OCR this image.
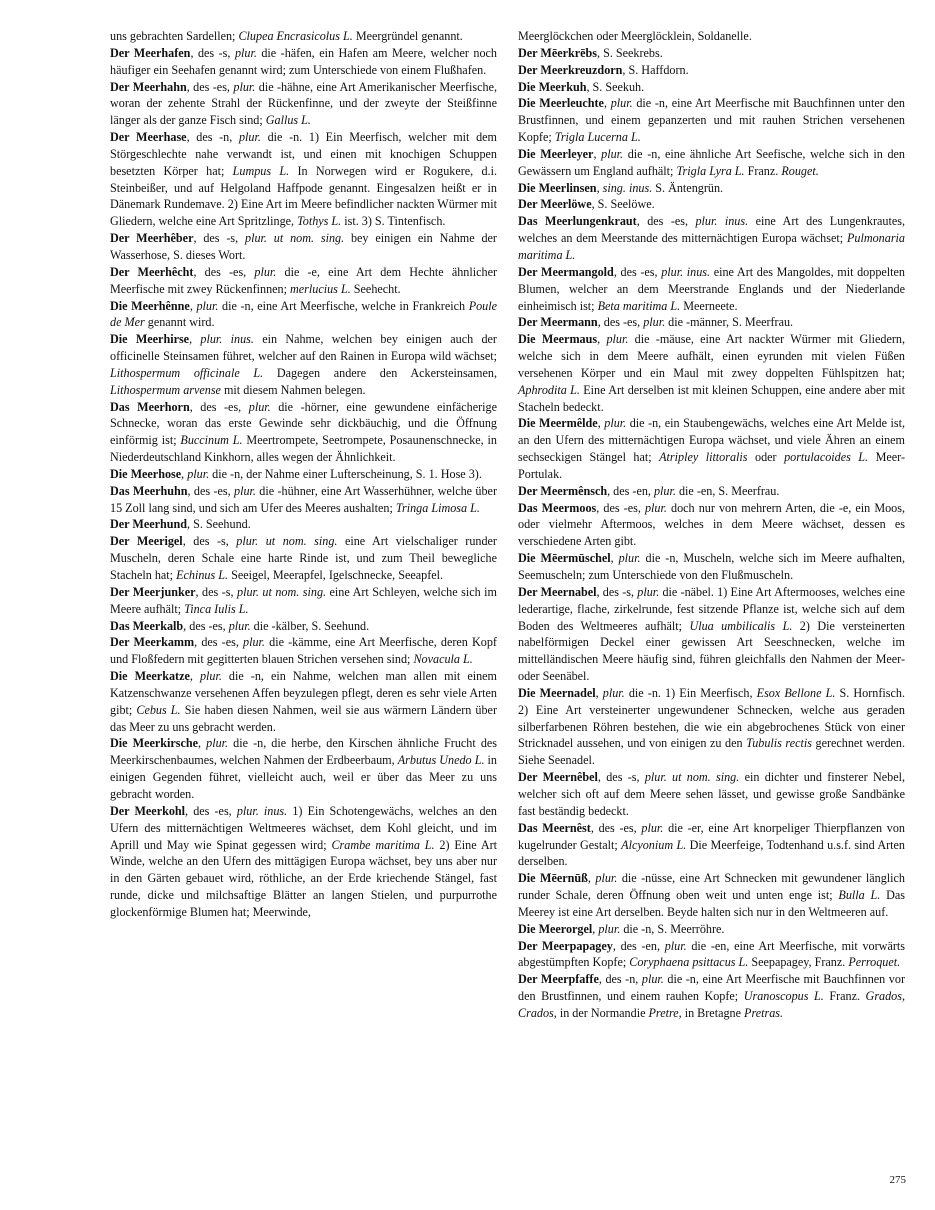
uns gebrachten Sardellen; Clupea Encrasicolus L. Meergründel genannt.

Der Meerhafen, des -s, plur. die -häfen, ein Hafen am Meere, welcher noch häufiger ein Seehafen genannt wird; zum Unterschiede von einem Flußhafen.

Der Meerhahn, des -es, plur. die -hähne, eine Art Amerikanischer Meerfische, woran der zehente Strahl der Rückenfinne, und der zweyte der Steißfinne länger als der ganze Fisch sind; Gallus L.

Der Meerhase, des -n, plur. die -n. 1) Ein Meerfisch, welcher mit dem Störgeschlechte nahe verwandt ist, und einen mit knochigen Schuppen besetzten Körper hat; Lumpus L. In Norwegen wird er Rogukere, d.i. Steinbeißer, und auf Helgoland Haffpode genannt. Eingesalzen heißt er in Dänemark Rundemave. 2) Eine Art im Meere befindlicher nackten Würmer mit Gliedern, welche eine Art Spritzlinge, Tothys L. ist. 3) S. Tintenfisch.

Der Meerhêber, des -s, plur. ut nom. sing. bey einigen ein Nahme der Wasserhose, S. dieses Wort.

Der Meerhêcht, des -es, plur. die -e, eine Art dem Hechte ähnlicher Meerfische mit zwey Rückenfinnen; merlucius L. Seehecht.

Die Meerhênne, plur. die -n, eine Art Meerfische, welche in Frankreich Poule de Mer genannt wird.

Die Meerhirse, plur. inus. ein Nahme, welchen bey einigen auch der officinelle Steinsamen führet, welcher auf den Rainen in Europa wild wächset; Lithospermum officinale L. Dagegen andere den Ackersteinsamen, Lithospermum arvense mit diesem Nahmen belegen.

Das Meerhorn, des -es, plur. die -hörner, eine gewundene einfächerige Schnecke, woran das erste Gewinde sehr dickbäuchig, und die Öffnung einförmig ist; Buccinum L. Meertrompete, Seetrompete, Posaunenschnecke, in Niederdeutschland Kinkhorn, alles wegen der Ähnlichkeit.

Die Meerhose, plur. die -n, der Nahme einer Lufterscheinung, S. 1. Hose 3).

Das Meerhuhn, des -es, plur. die -hühner, eine Art Wasserhühner, welche über 15 Zoll lang sind, und sich am Ufer des Meeres aushalten; Tringa Limosa L.

Der Meerhund, S. Seehund.

Der Meerigel, des -s, plur. ut nom. sing. eine Art vielschaliger runder Muscheln, deren Schale eine harte Rinde ist, und zum Theil bewegliche Stacheln hat; Echinus L. Seeigel, Meerapfel, Igelschnecke, Seeapfel.

Der Meerjunker, des -s, plur. ut nom. sing. eine Art Schleyen, welche sich im Meere aufhält; Tinca Iulis L.

Das Meerkalb, des -es, plur. die -kälber, S. Seehund.

Der Meerkamm, des -es, plur. die -kämme, eine Art Meerfische, deren Kopf und Floßfedern mit gegitterten blauen Strichen versehen sind; Novacula L.

Die Meerkatze, plur. die -n, ein Nahme, welchen man allen mit einem Katzenschwanze versehenen Affen beyzulegen pflegt, deren es sehr viele Arten gibt; Cebus L. Sie haben diesen Nahmen, weil sie aus wärmern Ländern über das Meer zu uns gebracht werden.

Die Meerkirsche, plur. die -n, die herbe, den Kirschen ähnliche Frucht des Meerkirschenbaumes, welchen Nahmen der Erdbeerbaum, Arbutus Unedo L. in einigen Gegenden führet, vielleicht auch, weil er über das Meer zu uns gebracht worden.

Der Meerkohl, des -es, plur. inus. 1) Ein Schotengewächs, welches an den Ufern des mitternächtigen Weltmeeres wächset, dem Kohl gleicht, und im Aprill und May wie Spinat gegessen wird; Crambe maritima L. 2) Eine Art Winde, welche an den Ufern des mittägigen Europa wächset, bey uns aber nur in den Gärten gebauet wird, röthliche, an der Erde kriechende Stängel, fast runde, dicke und milchsaftige Blätter an langen Stielen, und purpurrothe glockenförmige Blumen hat; Meerwinde,

Meerglöckchen oder Meerglöcklein, Soldanelle.

Der Mēerkrēbs, S. Seekrebs.

Der Meerkreuzdorn, S. Haffdorn.

Die Meerkuh, S. Seekuh.

Die Meerleuchte, plur. die -n, eine Art Meerfische mit Bauchfinnen unter den Brustfinnen, und einem gepanzerten und mit rauhen Strichen versehenen Kopfe; Trigla Lucerna L.

Die Meerleyer, plur. die -n, eine ähnliche Art Seefische, welche sich in den Gewässern um England aufhält; Trigla Lyra L. Franz. Rouget.

Die Meerlinsen, sing. inus. S. Äntengrün.

Der Meerlöwe, S. Seelöwe.

Das Meerlungenkraut, des -es, plur. inus. eine Art des Lungenkrautes, welches an dem Meerstande des mitternächtigen Europa wächset; Pulmonaria maritima L.

Der Meermangold, des -es, plur. inus. eine Art des Mangoldes, mit doppelten Blumen, welcher an dem Meerstrande Englands und der Niederlande einheimisch ist; Beta maritima L. Meerneete.

Der Meermann, des -es, plur. die -männer, S. Meerfrau.

Die Meermaus, plur. die -mäuse, eine Art nackter Würmer mit Gliedern, welche sich in dem Meere aufhält, einen eyrunden mit vielen Füßen versehenen Körper und ein Maul mit zwey doppelten Fühlspitzen hat; Aphrodita L. Eine Art derselben ist mit kleinen Schuppen, eine andere aber mit Stacheln bedeckt.

Die Meermêlde, plur. die -n, ein Staubengewächs, welches eine Art Melde ist, an den Ufern des mitternächtigen Europa wächset, und viele Ähren an einem sechseckigen Stängel hat; Atripley littoralis oder portulacoides L. Meer-Portulak.

Der Meermênsch, des -en, plur. die -en, S. Meerfrau.

Das Meermoos, des -es, plur. doch nur von mehrern Arten, die -e, ein Moos, oder vielmehr Aftermoos, welches in dem Meere wächset, dessen es verschiedene Arten gibt.

Die Mēermūschel, plur. die -n, Muscheln, welche sich im Meere aufhalten, Seemuscheln; zum Unterschiede von den Flußmuscheln.

Der Meernabel, des -s, plur. die -näbel. 1) Eine Art Aftermooses, welches eine lederartige, flache, zirkelrunde, fest sitzende Pflanze ist, welche sich auf dem Boden des Weltmeeres aufhält; Ulua umbilicalis L. 2) Die versteinerten nabelförmigen Deckel einer gewissen Art Seeschnecken, welche im mittelländischen Meere häufig sind, führen gleichfalls den Nahmen der Meer- oder Seenäbel.

Die Meernadel, plur. die -n. 1) Ein Meerfisch, Esox Bellone L. S. Hornfisch. 2) Eine Art versteinerter ungewundener Schnecken, welche aus geraden silberfarbenen Röhren bestehen, die wie ein abgebrochenes Stück von einer Stricknadel aussehen, und von einigen zu den Tubulis rectis gerechnet werden. Siehe Seenadel.

Der Meernêbel, des -s, plur. ut nom. sing. ein dichter und finsterer Nebel, welcher sich oft auf dem Meere sehen lässet, und gewisse große Sandbänke fast beständig bedeckt.

Das Meernêst, des -es, plur. die -er, eine Art knorpeliger Thierpflanzen von kugelrunder Gestalt; Alcyonium L. Die Meerfeige, Todtenhand u.s.f. sind Arten derselben.

Die Mēernūß, plur. die -nüsse, eine Art Schnecken mit gewundener länglich runder Schale, deren Öffnung oben weit und unten enge ist; Bulla L. Das Meerey ist eine Art derselben. Beyde halten sich nur in den Weltmeeren auf.

Die Meerorgel, plur. die -n, S. Meerröhre.

Der Meerpapagey, des -en, plur. die -en, eine Art Meerfische, mit vorwärts abgestümpften Kopfe; Coryphaena psittacus L. Seepapagey, Franz. Perroquet.

Der Meerpfaffe, des -n, plur. die -n, eine Art Meerfische mit Bauchfinnen vor den Brustfinnen, und einem rauhen Kopfe; Uranoscopus L. Franz. Grados, Crados, in der Normandie Pretre, in Bretagne Pretras.

275
